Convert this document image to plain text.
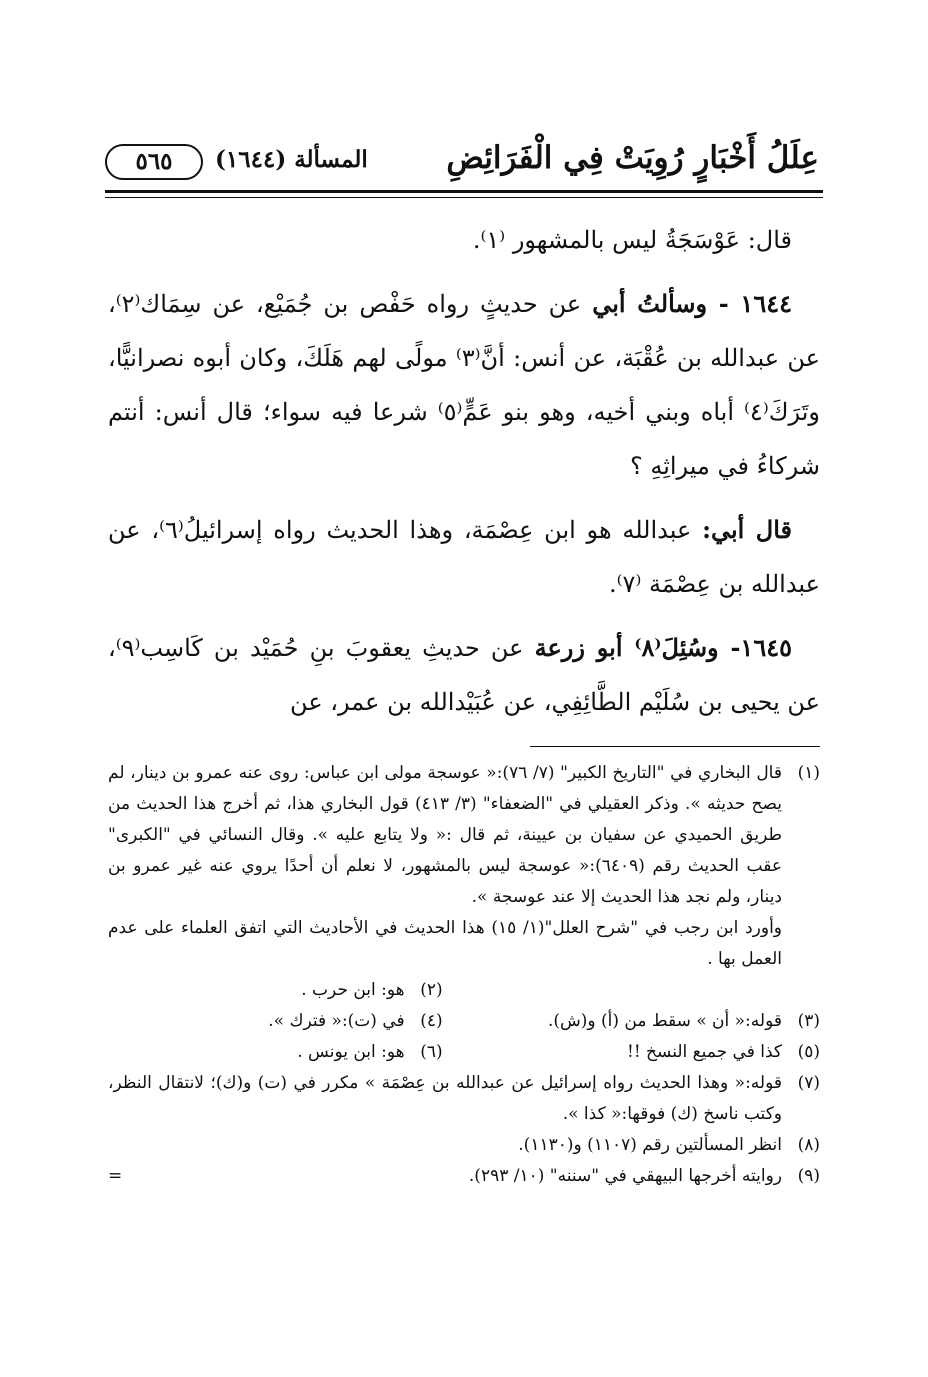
عِلَلُ أَخْبَارٍ رُوِيَتْ فِي الْفَرَائِضِ
المسألة (١٦٤٤)
٥٦٥

قال: عَوْسَجَةُ ليس بالمشهور ⁽١⁾.

١٦٤٤ - وسألتُ أبي عن حديثٍ رواه حَفْص بن جُمَيْع، عن سِمَاك⁽٢⁾، عن عبدالله بن عُقْبَة، عن أنس: أنَّ⁽٣⁾ مولًى لهم هَلَكَ، وكان أبوه نصرانيًّا، وتَرَكَ⁽٤⁾ أباه وبني أخيه، وهو بنو عَمٍّ⁽٥⁾ شرعا فيه سواء؛ قال أنس: أنتم شركاءُ في ميراثِهِ ؟

قال أبي: عبدالله هو ابن عِصْمَة، وهذا الحديث رواه إسرائيلُ⁽٦⁾، عن عبدالله بن عِصْمَة ⁽٧⁾.

١٦٤٥- وسُئِلَ⁽٨⁾ أبو زرعة عن حديثِ يعقوبَ بنِ حُمَيْد بن كَاسِب⁽٩⁾، عن يحيى بن سُلَيْم الطَّائِفِي، عن عُبَيْدالله بن عمر، عن

(١)
قال البخاري في "التاريخ الكبير" (٧/ ٧٦):« عوسجة مولى ابن عباس: روى عنه عمرو بن دينار، لم يصح حديثه ». وذكر العقيلي في "الضعفاء" (٣/ ٤١٣) قول البخاري هذا، ثم أخرج هذا الحديث من طريق الحميدي عن سفيان بن عيينة، ثم قال :« ولا يتابع عليه ». وقال النسائي في "الكبرى" عقب الحديث رقم (٦٤٠٩):« عوسجة ليس بالمشهور، لا نعلم أن أحدًا يروي عنه غير عمرو بن دينار، ولم نجد هذا الحديث إلا عند عوسجة ».
وأورد ابن رجب في "شرح العلل"(١/ ١٥) هذا الحديث في الأحاديث التي اتفق العلماء على عدم العمل بها .
(٢)
هو: ابن حرب .
(٣)
قوله:« أن » سقط من (أ) و(ش).
(٤)
في (ت):« فترك ».
(٥)
كذا في جميع النسخ !!
(٦)
هو: ابن يونس .
(٧)
قوله:« وهذا الحديث رواه إسرائيل عن عبدالله بن عِصْمَة » مكرر في (ت) و(ك)؛ لانتقال النظر، وكتب ناسخ (ك) فوقها:« كذا ».
(٨)
انظر المسألتين رقم (١١٠٧) و(١١٣٠).
(٩)
روايته أخرجها البيهقي في "سننه" (١٠/ ٢٩٣).
=
